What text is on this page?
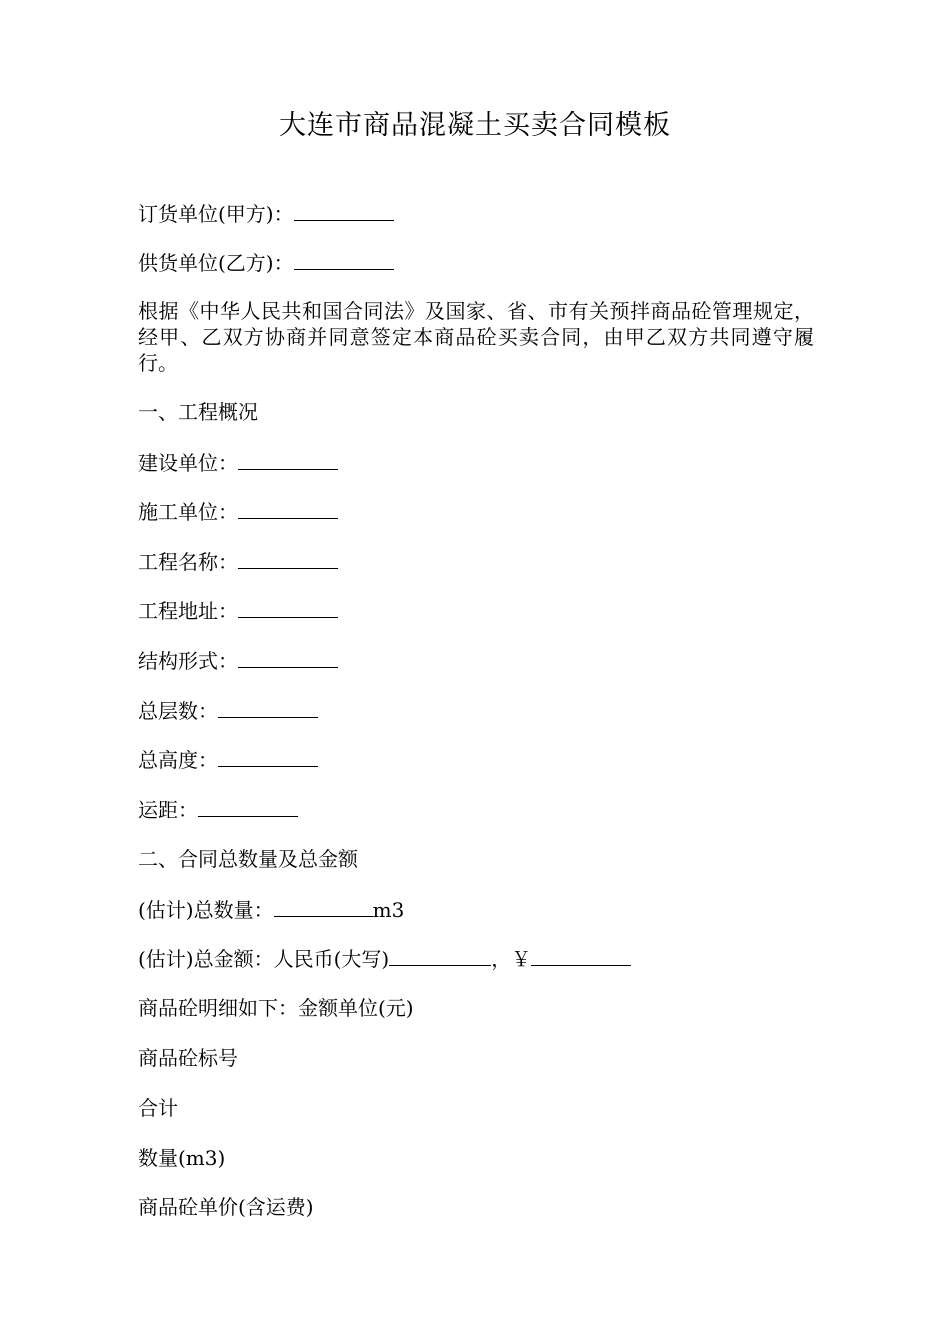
大连市商品混凝土买卖合同模板
订货单位(甲方)：
供货单位(乙方)：
根据《中华人民共和国合同法》及国家、省、市有关预拌商品砼管理规定，经甲、乙双方协商并同意签定本商品砼买卖合同，由甲乙双方共同遵守履行。
一、工程概况
建设单位：
施工单位：
工程名称：
工程地址：
结构形式：
总层数：
总高度：
运距：
二、合同总数量及总金额
(估计)总数量：	m3
(估计)总金额：人民币(大写)	，￥
商品砼明细如下：金额单位(元)
商品砼标号
合计
数量(m3)
商品砼单价(含运费)
